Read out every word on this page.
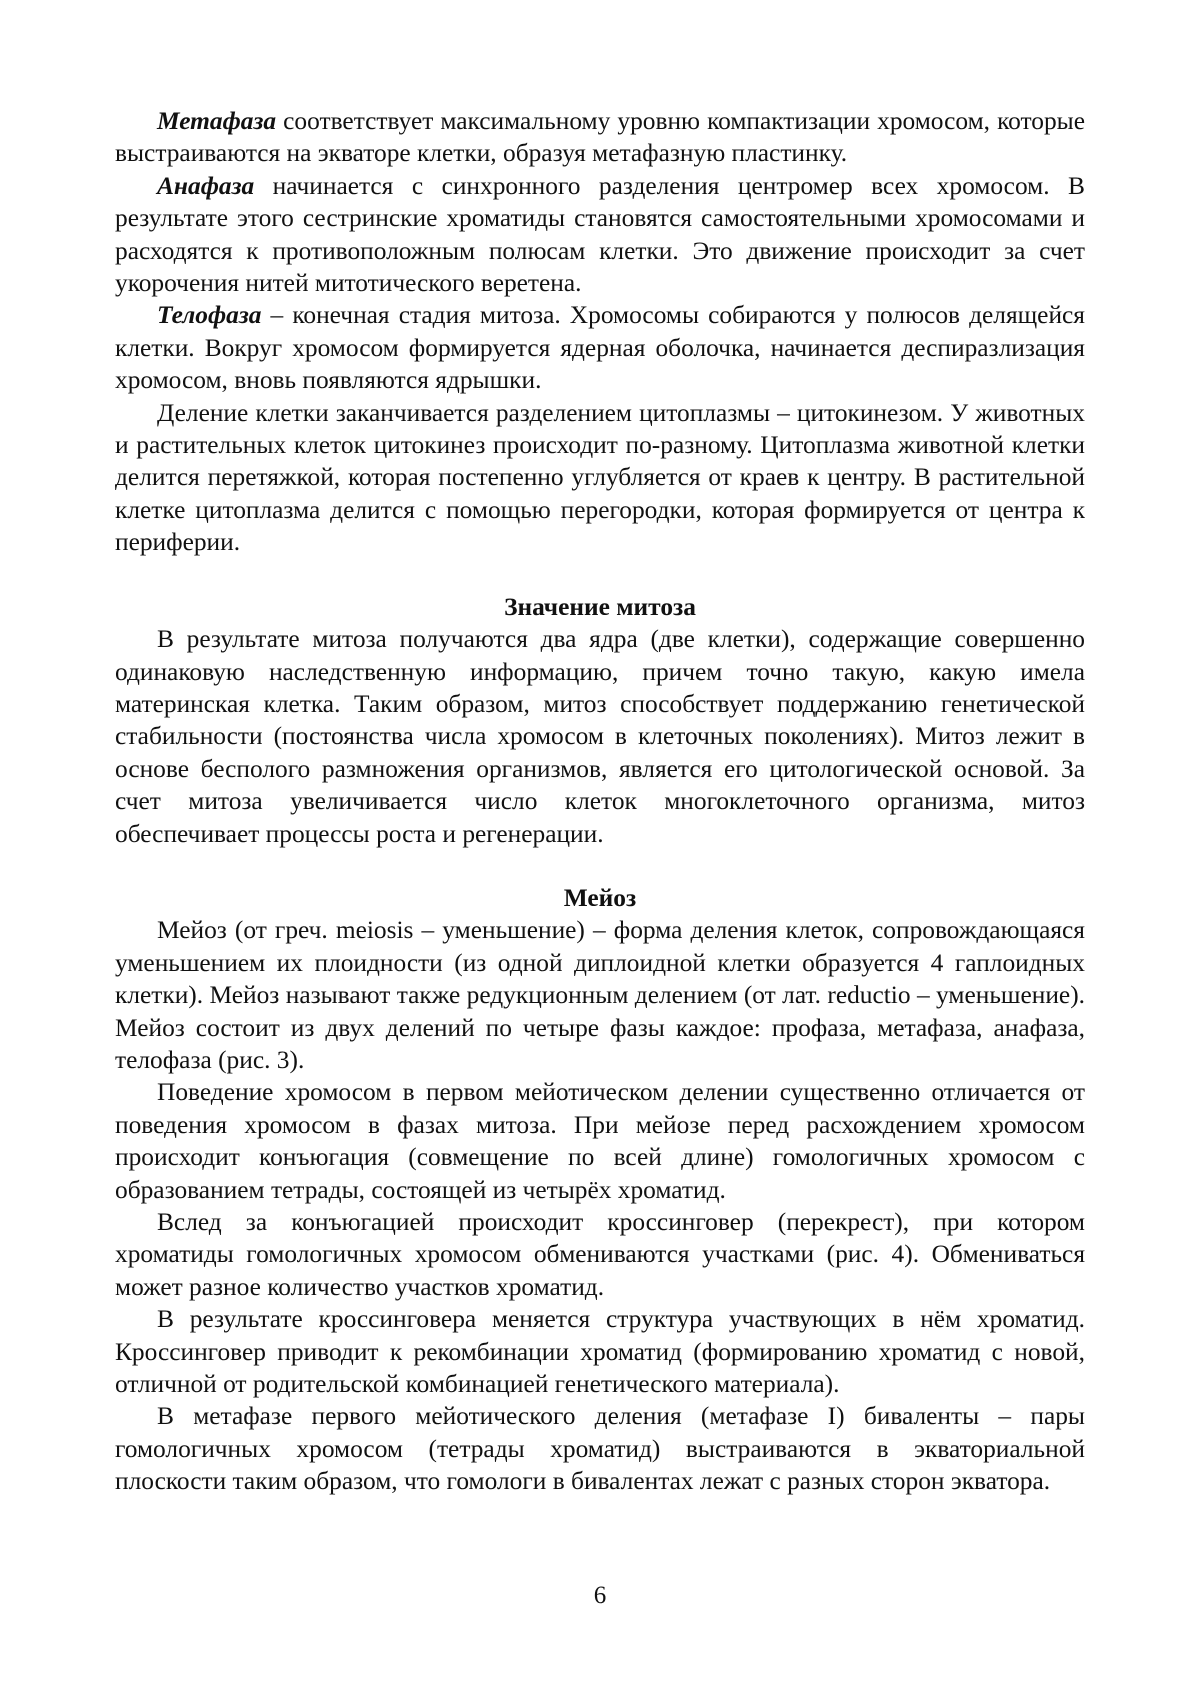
Метафаза соответствует максимальному уровню компактизации хромосом, которые выстраиваются на экваторе клетки, образуя метафазную пластинку.

Анафаза начинается с синхронного разделения центромер всех хромосом. В результате этого сестринские хроматиды становятся самостоятельными хромосомами и расходятся к противоположным полюсам клетки. Это движение происходит за счет укорочения нитей митотического веретена.

Телофаза – конечная стадия митоза. Хромосомы собираются у полюсов делящейся клетки. Вокруг хромосом формируется ядерная оболочка, начинается деспиразлизация хромосом, вновь появляются ядрышки.

Деление клетки заканчивается разделением цитоплазмы – цитокинезом. У животных и растительных клеток цитокинез происходит по-разному. Цитоплазма животной клетки делится перетяжкой, которая постепенно углубляется от краев к центру. В растительной клетке цитоплазма делится с помощью перегородки, которая формируется от центра к периферии.

Значение митоза

В результате митоза получаются два ядра (две клетки), содержащие совершенно одинаковую наследственную информацию, причем точно такую, какую имела материнская клетка. Таким образом, митоз способствует поддержанию генетической стабильности (постоянства числа хромосом в клеточных поколениях). Митоз лежит в основе бесполого размножения организмов, является его цитологической основой. За счет митоза увеличивается число клеток многоклеточного организма, митоз обеспечивает процессы роста и регенерации.

Мейоз

Мейоз (от греч. meiosis – уменьшение) – форма деления клеток, сопровождающаяся уменьшением их плоидности (из одной диплоидной клетки образуется 4 гаплоидных клетки). Мейоз называют также редукционным делением (от лат. reductio – уменьшение). Мейоз состоит из двух делений по четыре фазы каждое: профаза, метафаза, анафаза, телофаза (рис. 3).

Поведение хромосом в первом мейотическом делении существенно отличается от поведения хромосом в фазах митоза. При мейозе перед расхождением хромосом происходит конъюгация (совмещение по всей длине) гомологичных хромосом с образованием тетрады, состоящей из четырёх хроматид.

Вслед за конъюгацией происходит кроссинговер (перекрест), при котором хроматиды гомологичных хромосом обмениваются участками (рис. 4). Обмениваться может разное количество участков хроматид.

В результате кроссинговера меняется структура участвующих в нём хроматид. Кроссинговер приводит к рекомбинации хроматид (формированию хроматид с новой, отличной от родительской комбинацией генетического материала).

В метафазе первого мейотического деления (метафазе I) биваленты – пары гомологичных хромосом (тетрады хроматид) выстраиваются в экваториальной плоскости таким образом, что гомологи в бивалентах лежат с разных сторон экватора.

6
